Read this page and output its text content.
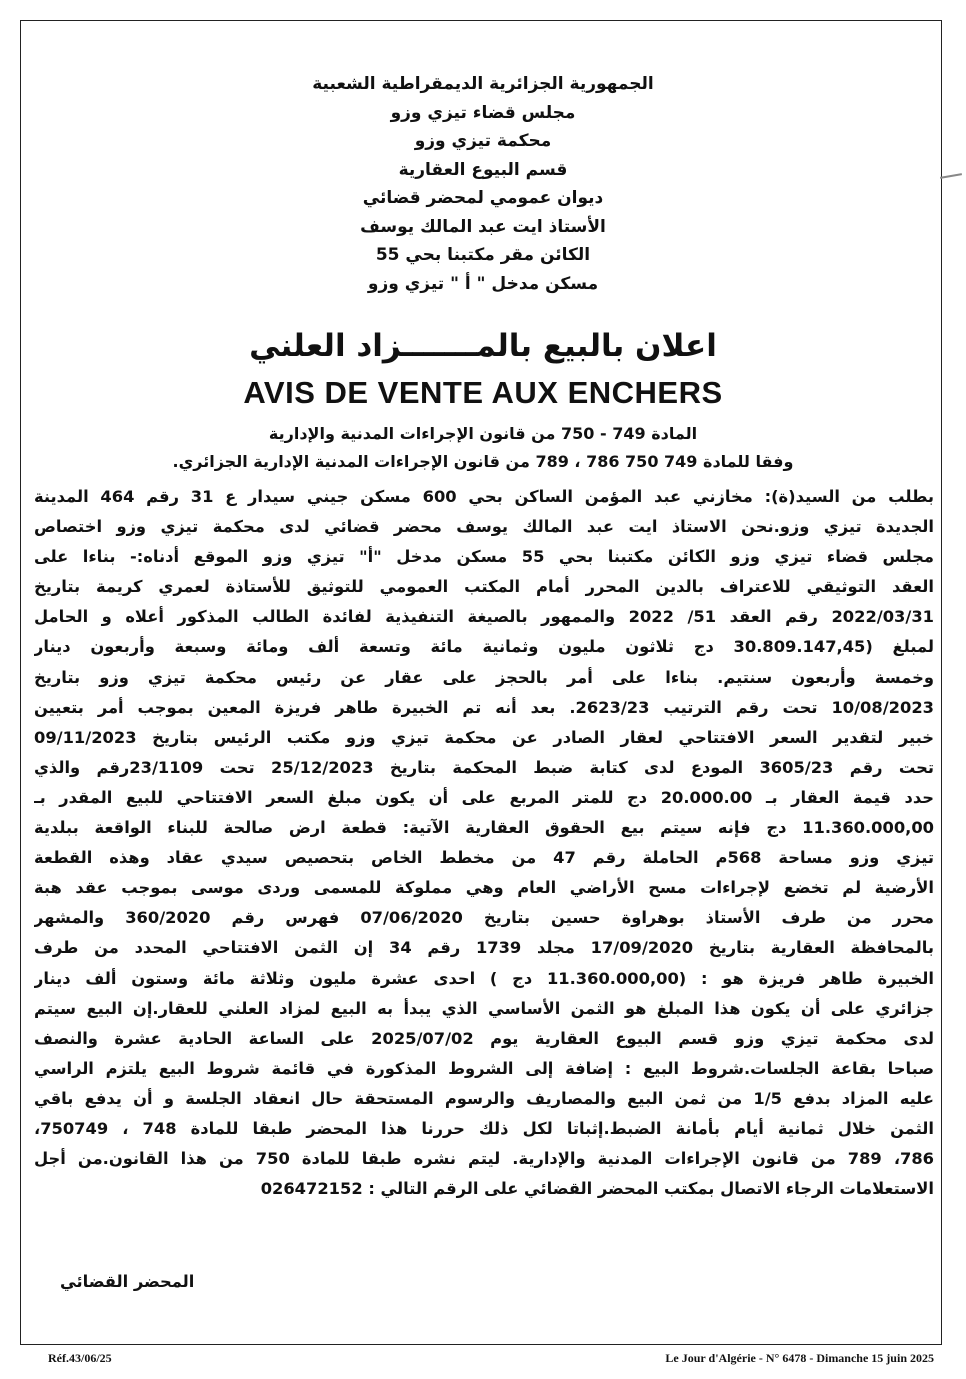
الجمهورية الجزائرية الديمقراطية الشعبية
مجلس قضاء تيزي وزو
محكمة تيزي وزو
قسم البيوع العقارية
ديوان عمومي لمحضر قضائي
الأستاذ ايت عبد المالك يوسف
الكائن مقر مكتبنا بحي 55
مسكن مدخل " أ " تيزي وزو
اعلان بالبيع بالمـــــــزاد العلني
AVIS DE VENTE AUX ENCHERS
المادة 749 - 750 من قانون الإجراءات المدنية والإدارية
وفقا للمادة 749 750 786 ، 789 من قانون الإجراءات المدنية الإدارية الجزائري.
بطلب من السيد(ة): مخازني عبد المؤمن الساكن بحي 600 مسكن جيني سيدار ع 31 رقم 464 المدينة
الجديدة تيزي وزو.نحن الاستاذ ايت عبد المالك يوسف محضر قضائي لدى محكمة تيزي وزو اختصاص
مجلس قضاء تيزي وزو الكائن مكتبنا بحي 55 مسكن مدخل "أ" تيزي وزو الموقع أدناه:- بناءا على
العقد التوثيقي للاعتراف بالدين المحرر أمام المكتب العمومي للتوثيق للأستاذة لعمري كريمة بتاريخ
2022/03/31 رقم العقد 51/ 2022 والممهور بالصيغة التنفيذية لفائدة الطالب المذكور أعلاه و الحامل
لمبلغ (30.809.147,45 دج ثلاثون مليون وثمانية مائة وتسعة ألف ومائة وسبعة وأربعون دينار
وخمسة وأربعون سنتيم. بناءا على أمر بالحجز على عقار عن رئيس محكمة تيزي وزو بتاريخ
10/08/2023 تحت رقم الترتيب 2623/23. بعد أنه تم الخبيرة طاهر فريزة المعين بموجب أمر بتعيين
خبير لتقدير السعر الافتتاحي لعقار الصادر عن محكمة تيزي وزو مكتب الرئيس بتاريخ 09/11/2023
تحت رقم 3605/23 المودع لدى كتابة ضبط المحكمة بتاريخ 25/12/2023 تحت 23/1109رقم والذي
حدد قيمة العقار بـ 20.000.00 دج للمتر المربع على أن يكون مبلغ السعر الافتتاحي للبيع المقدر بـ
11.360.000,00 دج فإنه سيتم بيع الحقوق العقارية الآتية: قطعة ارض صالحة للبناء الواقعة ببلدية
تيزي وزو مساحة 568م الحاملة رقم 47 من مخطط الخاص بتحصيص سيدي عقاد وهذه القطعة
الأرضية لم تخضع لإجراءات مسح الأراضي العام وهي مملوكة للمسمى وردى موسى بموجب عقد هبة
محرر من طرف الأستاذ بوهراوة حسين بتاريخ 07/06/2020 فهرس رقم 360/2020 والمشهر
بالمحافظة العقارية بتاريخ 17/09/2020 مجلد 1739 رقم 34 إن الثمن الافتتاحي المحدد من طرف
الخبيرة طاهر فريزة هو : (11.360.000,00 دج ) احدى عشرة مليون وثلاثة مائة وستون ألف دينار
جزائري على أن يكون هذا المبلغ هو الثمن الأساسي الذي يبدأ به البيع لمزاد العلني للعقار.إن البيع سيتم
لدى محكمة تيزي وزو قسم البيوع العقارية يوم 2025/07/02 على الساعة الحادية عشرة والنصف
صباحا بقاعة الجلسات.شروط البيع : إضافة إلى الشروط المذكورة في قائمة شروط البيع يلتزم الراسي
عليه المزاد بدفع 1/5 من ثمن البيع والمصاريف والرسوم المستحقة حال انعقاد الجلسة و أن يدفع باقي
الثمن خلال ثمانية أيام بأمانة الضبط.إثباتا لكل ذلك حررنا هذا المحضر طبقا للمادة 748 ، 750749،
786، 789 من قانون الإجراءات المدنية والإدارية. ليتم نشره طبقا للمادة 750 من هذا القانون.من أجل
الاستعلامات الرجاء الاتصال بمكتب المحضر القضائي على الرقم التالي : 026472152
المحضر القضائي
Réf.43/06/25	Le Jour d'Algérie - N° 6478 - Dimanche 15 juin 2025
